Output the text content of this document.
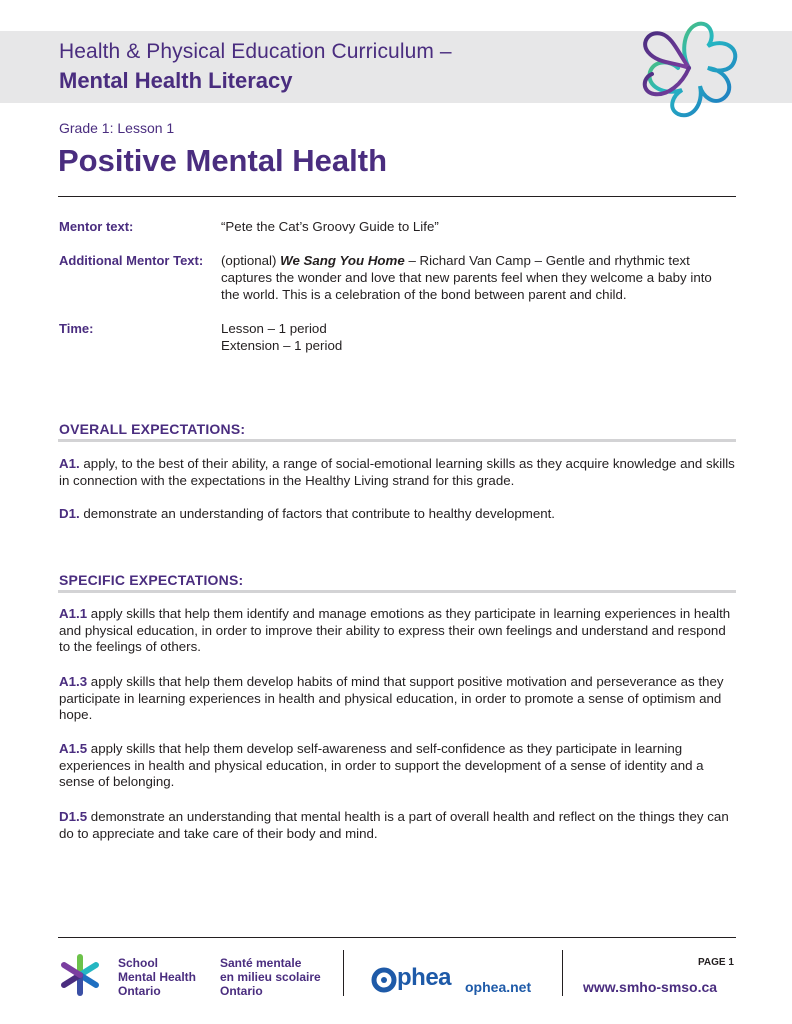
Health & Physical Education Curriculum –
Mental Health Literacy
Grade 1: Lesson 1
Positive Mental Health
Mentor text:	“Pete the Cat’s Groovy Guide to Life”
Additional Mentor Text: (optional) We Sang You Home – Richard Van Camp – Gentle and rhythmic text captures the wonder and love that new parents feel when they welcome a baby into the world. This is a celebration of the bond between parent and child.
Time:	Lesson – 1 period
Extension – 1 period
OVERALL EXPECTATIONS:
A1. apply, to the best of their ability, a range of social-emotional learning skills as they acquire knowledge and skills in connection with the expectations in the Healthy Living strand for this grade.
D1. demonstrate an understanding of factors that contribute to healthy development.
SPECIFIC EXPECTATIONS:
A1.1 apply skills that help them identify and manage emotions as they participate in learning experiences in health and physical education, in order to improve their ability to express their own feelings and understand and respond to the feelings of others.
A1.3 apply skills that help them develop habits of mind that support positive motivation and perseverance as they participate in learning experiences in health and physical education, in order to promote a sense of optimism and hope.
A1.5 apply skills that help them develop self-awareness and self-confidence as they participate in learning experiences in health and physical education, in order to support the development of a sense of identity and a sense of belonging.
D1.5 demonstrate an understanding that mental health is a part of overall health and reflect on the things they can do to appreciate and take care of their body and mind.
School
Mental Health
Ontario
Santé mentale
en milieu scolaire
Ontario	phea ophea.net
PAGE 1
www.smho-smso.ca
